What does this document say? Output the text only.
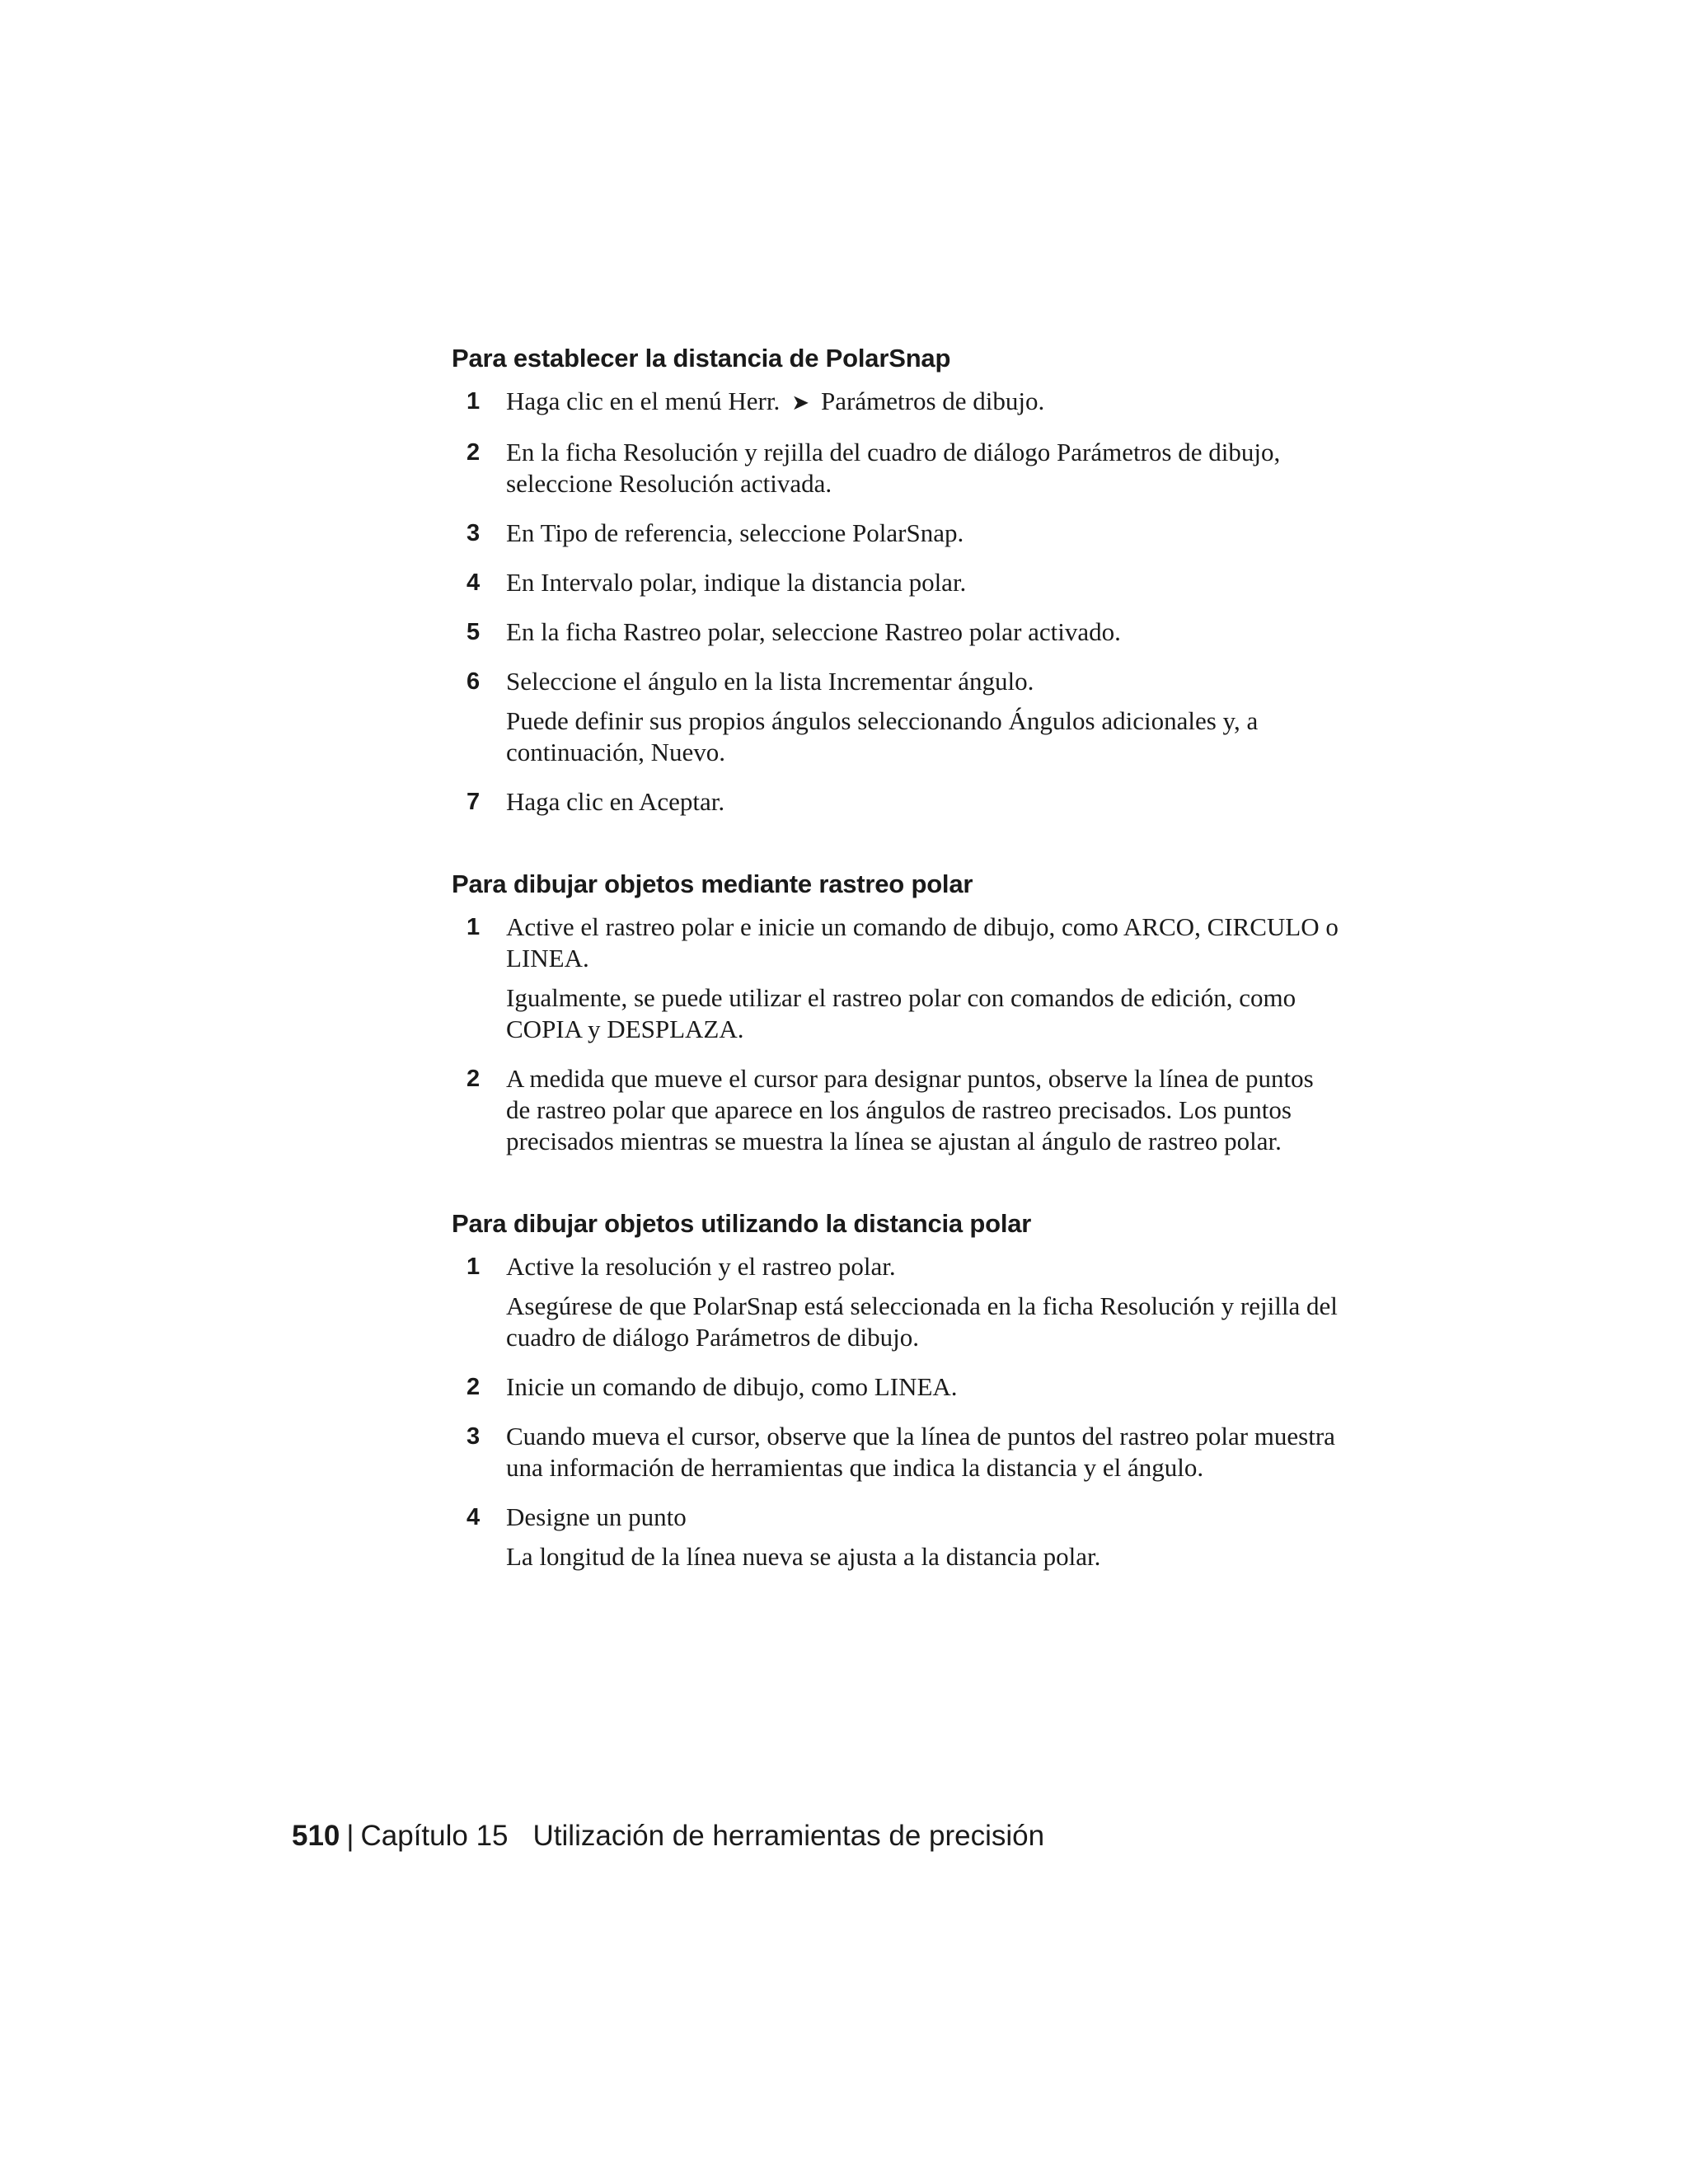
Para establecer la distancia de PolarSnap
1 Haga clic en el menú Herr. ➤ Parámetros de dibujo.

2 En la ficha Resolución y rejilla del cuadro de diálogo Parámetros de dibujo, seleccione Resolución activada.

3 En Tipo de referencia, seleccione PolarSnap.

4 En Intervalo polar, indique la distancia polar.

5 En la ficha Rastreo polar, seleccione Rastreo polar activado.

6 Seleccione el ángulo en la lista Incrementar ángulo.

Puede definir sus propios ángulos seleccionando Ángulos adicionales y, a continuación, Nuevo.

7 Haga clic en Aceptar.

Para dibujar objetos mediante rastreo polar
1 Active el rastreo polar e inicie un comando de dibujo, como ARCO, CIRCULO o LINEA.

Igualmente, se puede utilizar el rastreo polar con comandos de edición, como COPIA y DESPLAZA.

2 A medida que mueve el cursor para designar puntos, observe la línea de puntos de rastreo polar que aparece en los ángulos de rastreo precisados. Los puntos precisados mientras se muestra la línea se ajustan al ángulo de rastreo polar.

Para dibujar objetos utilizando la distancia polar
1 Active la resolución y el rastreo polar.

Asegúrese de que PolarSnap está seleccionada en la ficha Resolución y rejilla del cuadro de diálogo Parámetros de dibujo.

2 Inicie un comando de dibujo, como LINEA.

3 Cuando mueva el cursor, observe que la línea de puntos del rastreo polar muestra una información de herramientas que indica la distancia y el ángulo.

4 Designe un punto

La longitud de la línea nueva se ajusta a la distancia polar.

510 | Capítulo 15 Utilización de herramientas de precisión
